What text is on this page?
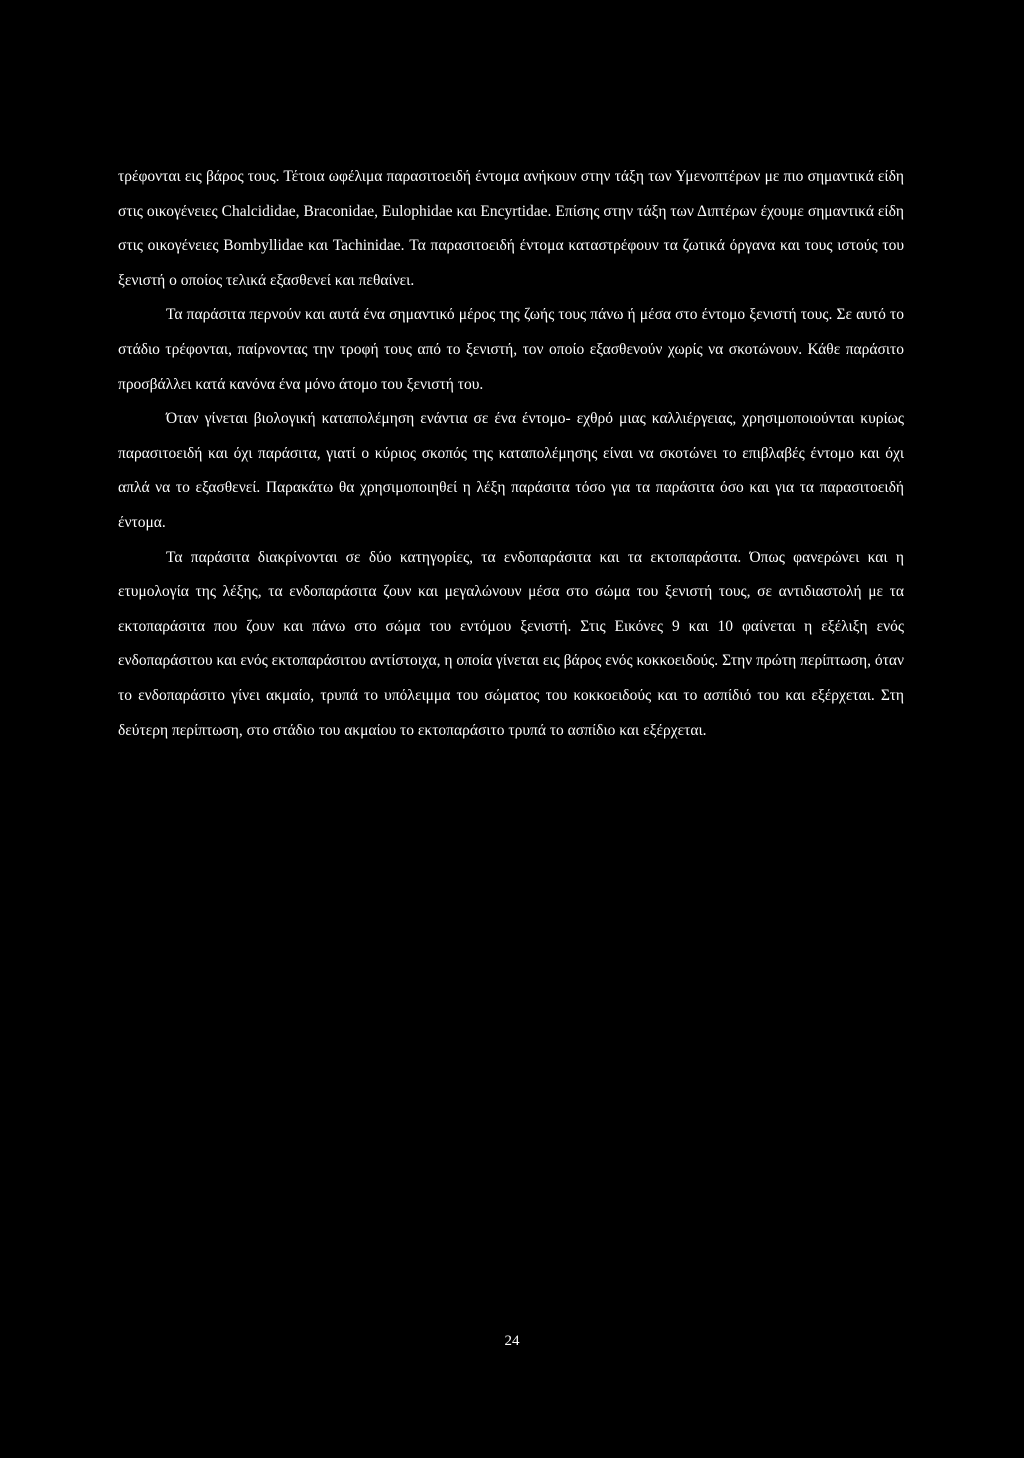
τρέφονται εις βάρος τους. Τέτοια ωφέλιμα παρασιτοειδή έντομα ανήκουν στην τάξη των Υμενοπτέρων με πιο σημαντικά είδη στις οικογένειες Chalcididae, Braconidae, Eulophidae και Encyrtidae. Επίσης στην τάξη των Διπτέρων έχουμε σημαντικά είδη στις οικογένειες Bombyllidae και Tachinidae. Τα παρασιτοειδή έντομα καταστρέφουν τα ζωτικά όργανα και τους ιστούς του ξενιστή ο οποίος τελικά εξασθενεί και πεθαίνει.

Τα παράσιτα περνούν και αυτά ένα σημαντικό μέρος της ζωής τους πάνω ή μέσα στο έντομο ξενιστή τους. Σε αυτό το στάδιο τρέφονται, παίρνοντας την τροφή τους από το ξενιστή, τον οποίο εξασθενούν χωρίς να σκοτώνουν. Κάθε παράσιτο προσβάλλει κατά κανόνα ένα μόνο άτομο του ξενιστή του.

Όταν γίνεται βιολογική καταπολέμηση ενάντια σε ένα έντομο- εχθρό μιας καλλιέργειας, χρησιμοποιούνται κυρίως παρασιτοειδή και όχι παράσιτα, γιατί ο κύριος σκοπός της καταπολέμησης είναι να σκοτώνει το επιβλαβές έντομο και όχι απλά να το εξασθενεί. Παρακάτω θα χρησιμοποιηθεί η λέξη παράσιτα τόσο για τα παράσιτα όσο και για τα παρασιτοειδή έντομα.

Τα παράσιτα διακρίνονται σε δύο κατηγορίες, τα ενδοπαράσιτα και τα εκτοπαράσιτα. Όπως φανερώνει και η ετυμολογία της λέξης, τα ενδοπαράσιτα ζουν και μεγαλώνουν μέσα στο σώμα του ξενιστή τους, σε αντιδιαστολή με τα εκτοπαράσιτα που ζουν και πάνω στο σώμα του εντόμου ξενιστή. Στις Εικόνες 9 και 10 φαίνεται η εξέλιξη ενός ενδοπαράσιτου και ενός εκτοπαράσιτου αντίστοιχα, η οποία γίνεται εις βάρος ενός κοκκοειδούς. Στην πρώτη περίπτωση, όταν το ενδοπαράσιτο γίνει ακμαίο, τρυπά το υπόλειμμα του σώματος του κοκκοειδούς και το ασπίδιό του και εξέρχεται. Στη δεύτερη περίπτωση, στο στάδιο του ακμαίου το εκτοπαράσιτο τρυπά το ασπίδιο και εξέρχεται.

24
